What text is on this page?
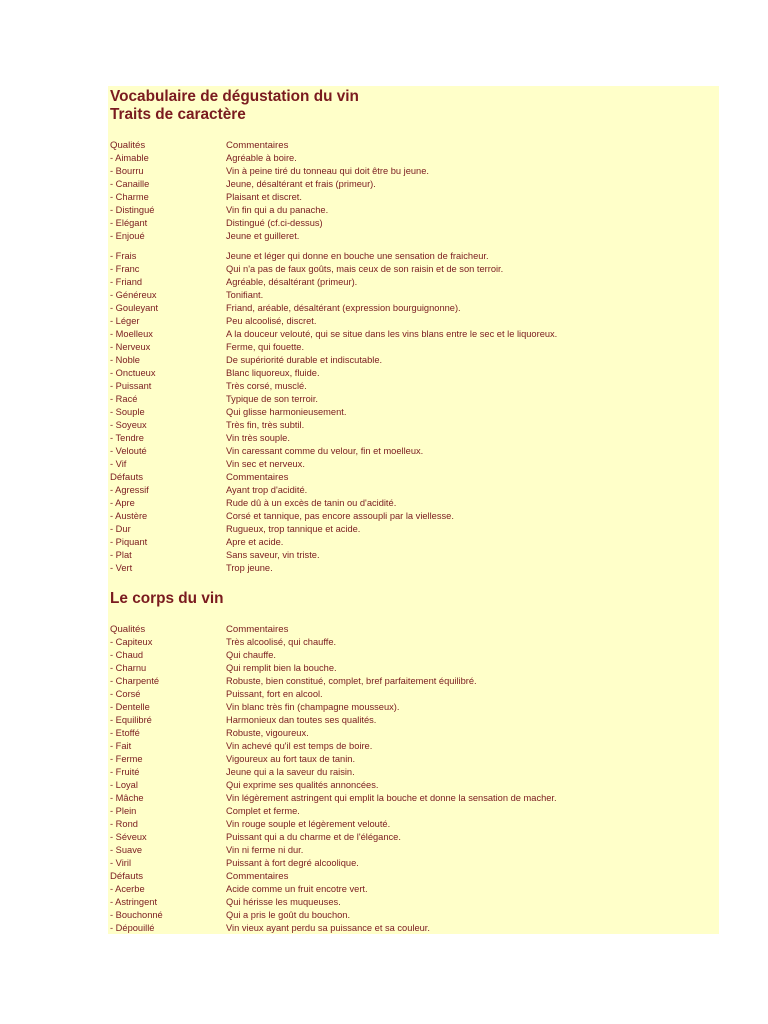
Vocabulaire de dégustation du vin
Traits de caractère
Qualités	Commentaires
- Aimable	Agréable à boire.
- Bourru	Vin à peine tiré du tonneau qui doit être bu jeune.
- Canaille	Jeune, désaltérant et frais (primeur).
- Charme	Plaisant et discret.
- Distingué	Vin fin qui a du panache.
- Elégant	Distingué (cf.ci-dessus)
- Enjoué	Jeune et guilleret.
- Frais	Jeune et léger qui donne en bouche une sensation de fraicheur.
- Franc	Qui n'a pas de faux goûts, mais ceux de son raisin et de son terroir.
- Friand	Agréable, désaltérant (primeur).
- Généreux	Tonifiant.
- Gouleyant	Friand, aréable, désaltérant (expression bourguignonne).
- Léger	Peu alcoolisé, discret.
- Moelleux	A la douceur velouté, qui se situe dans les vins blans entre le sec et le liquoreux.
- Nerveux	Ferme, qui fouette.
- Noble	De supériorité durable et indiscutable.
- Onctueux	Blanc liquoreux, fluide.
- Puissant	Très corsé, musclé.
- Racé	Typique de son terroir.
- Souple	Qui glisse harmonieusement.
- Soyeux	Très fin, très subtil.
- Tendre	Vin très souple.
- Velouté	Vin caressant comme du velour, fin et moelleux.
- Vif	Vin sec et nerveux.
Défauts	Commentaires
- Agressif	Ayant trop d'acidité.
- Apre	Rude dû à un excès de tanin ou d'acidité.
- Austère	Corsé et tannique, pas encore assoupli par la viellesse.
- Dur	Rugueux, trop tannique et acide.
- Piquant	Apre et acide.
- Plat	Sans saveur, vin triste.
- Vert	Trop jeune.
Le corps du vin
Qualités	Commentaires
- Capiteux	Très alcoolisé, qui chauffe.
- Chaud	Qui chauffe.
- Charnu	Qui remplit bien la bouche.
- Charpenté	Robuste, bien constitué, complet, bref parfaitement équilibré.
- Corsé	Puissant, fort en alcool.
- Dentelle	Vin blanc très fin (champagne mousseux).
- Equilibré	Harmonieux dan toutes ses qualités.
- Etoffé	Robuste, vigoureux.
- Fait	Vin achevé qu'il est temps de boire.
- Ferme	Vigoureux au fort taux de tanin.
- Fruité	Jeune qui a la saveur du raisin.
- Loyal	Qui exprime ses qualités annoncées.
- Mâche	Vin légèrement astringent qui emplit la bouche et donne la sensation de macher.
- Plein	Complet et ferme.
- Rond	Vin rouge souple et légèrement velouté.
- Séveux	Puissant qui a du charme et de l'élégance.
- Suave	Vin ni ferme ni dur.
- Viril	Puissant à fort degré alcoolique.
Défauts	Commentaires
- Acerbe	Acide comme un fruit encotre vert.
- Astringent	Qui hérisse les muqueuses.
- Bouchonné	Qui a pris le goût du bouchon.
- Dépouillé	Vin vieux ayant perdu sa puissance et sa couleur.
